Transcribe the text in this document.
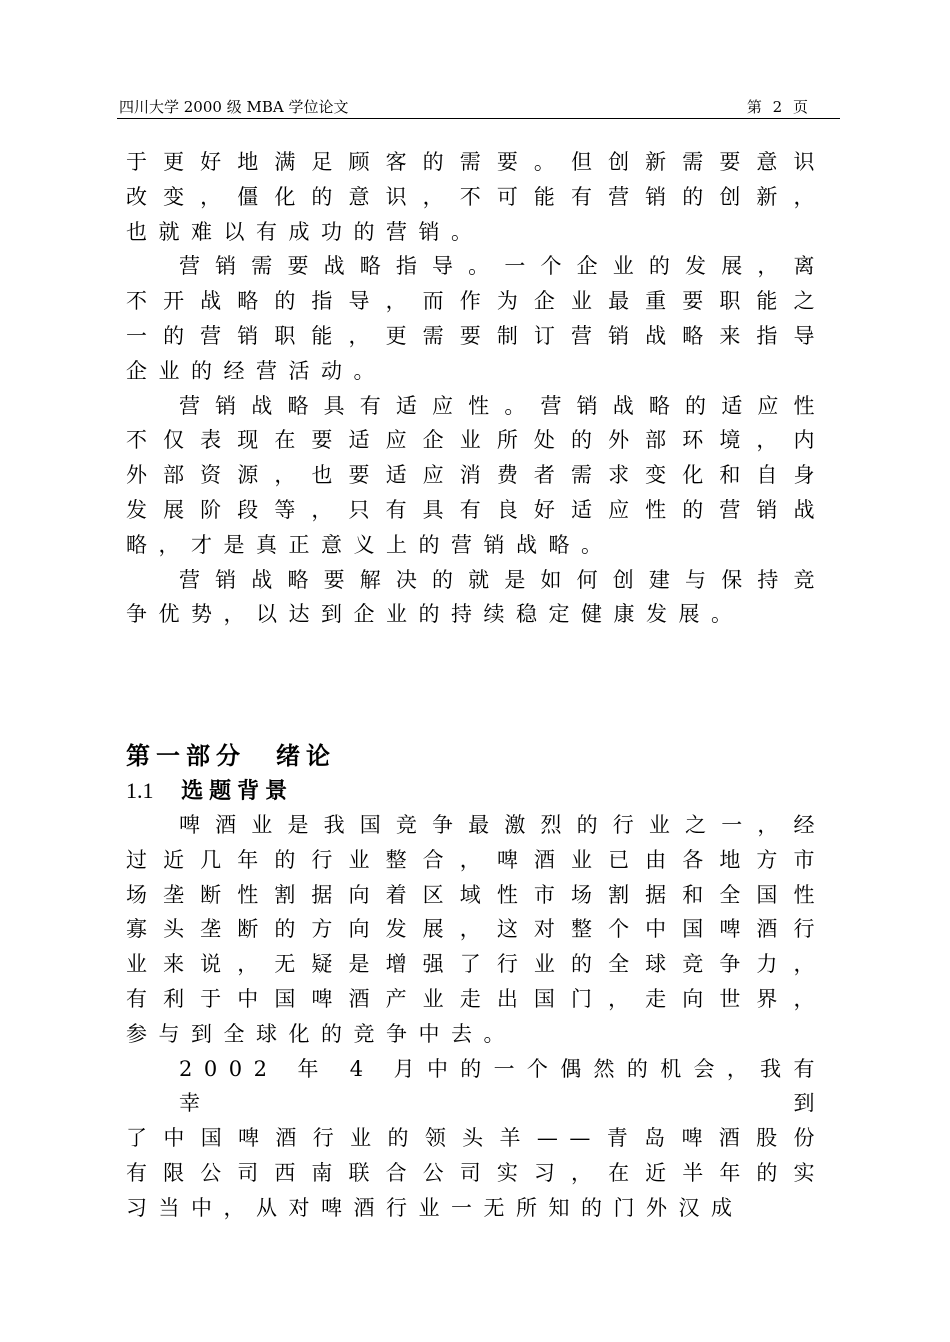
四川大学 2000 级 MBA 学位论文	第 2 页
于更好地满足顾客的需要。但创新需要意识
改变，僵化的意识，不可能有营销的创新，
也就难以有成功的营销。
营销需要战略指导。一个企业的发展，离
不开战略的指导，而作为企业最重要职能之
一的营销职能，更需要制订营销战略来指导
企业的经营活动。
营销战略具有适应性。营销战略的适应性
不仅表现在要适应企业所处的外部环境，内
外部资源，也要适应消费者需求变化和自身
发展阶段等，只有具有良好适应性的营销战
略，才是真正意义上的营销战略。
营销战略要解决的就是如何创建与保持竞
争优势，以达到企业的持续稳定健康发展。
第一部分　绪论
1.1 选题背景
啤酒业是我国竞争最激烈的行业之一，经
过近几年的行业整合，啤酒业已由各地方市
场垄断性割据向着区域性市场割据和全国性
寡头垄断的方向发展，这对整个中国啤酒行
业来说，无疑是增强了行业的全球竞争力，
有利于中国啤酒产业走出国门，走向世界，
参与到全球化的竞争中去。
2002 年 4 月中的一个偶然的机会，我有幸到
了中国啤酒行业的领头羊——青岛啤酒股份
有限公司西南联合公司实习，在近半年的实
习当中，从对啤酒行业一无所知的门外汉成
